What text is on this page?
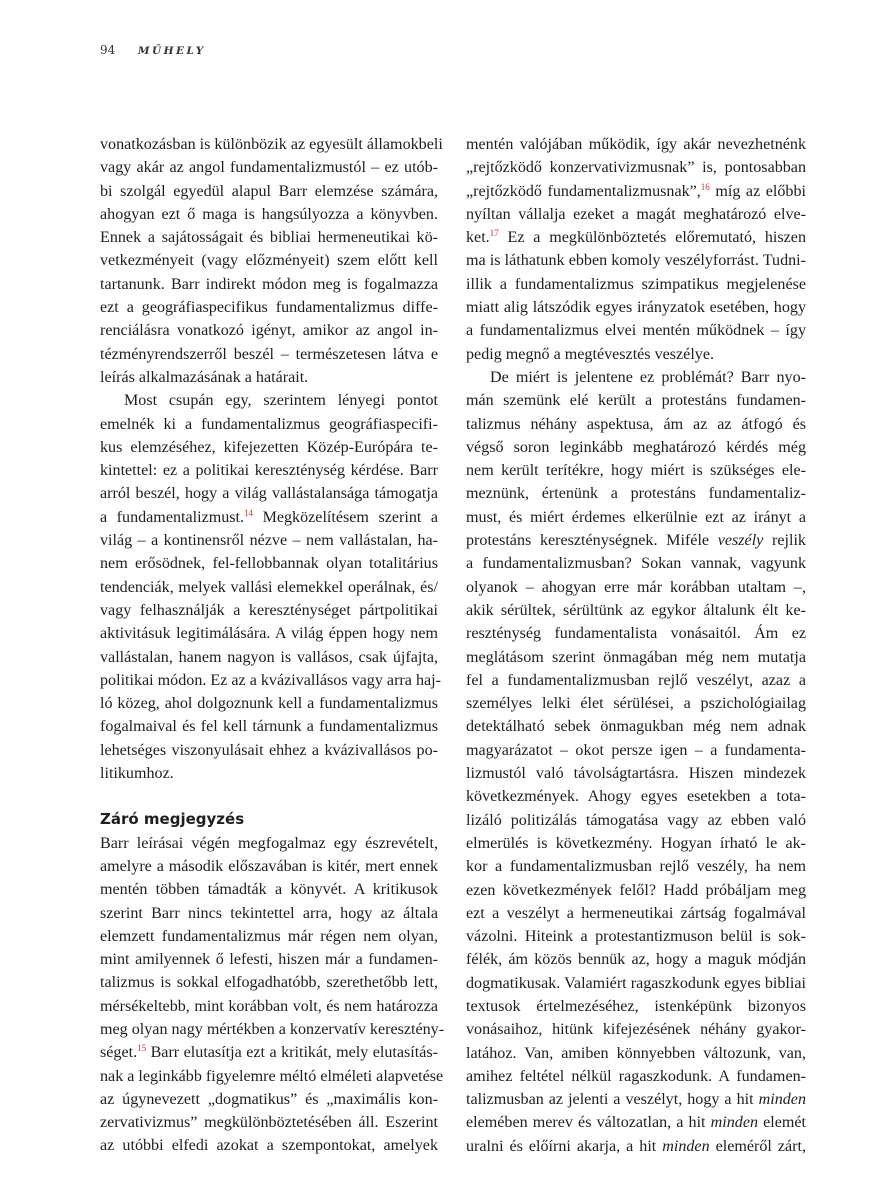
94 MŰHELY
vonatkozásban is különbözik az egyesült államokbeli
vagy akár az angol fundamentalizmustól – ez utób-
bi szolgál egyedül alapul Barr elemzése számára,
ahogyan ezt ő maga is hangsúlyozza a könyvben.
Ennek a sajátosságait és bibliai hermeneutikai kö-
vetkezményeit (vagy előzményeit) szem előtt kell
tartanunk. Barr indirekt módon meg is fogalmazza
ezt a geográfiaspecifikus fundamentalizmus diffe-
renciálásra vonatkozó igényt, amikor az angol in-
tézményrendszerről beszél – természetesen látva e
leírás alkalmazásának a határait.
Most csupán egy, szerintem lényegi pontot
emelnék ki a fundamentalizmus geográfiaspecifi-
kus elemzéséhez, kifejezetten Közép-Európára te-
kintettel: ez a politikai kereszténység kérdése. Barr
arról beszél, hogy a világ vallástalansága támogatja
a fundamentalizmust.$^{14}$ Megközelítésem szerint a
világ – a kontinensről nézve – nem vallástalan, ha-
nem erősödnek, fel-fellobbannak olyan totalitárius
tendenciák, melyek vallási elemekkel operálnak, és/
vagy felhasználják a kereszténységet pártpolitikai
aktivitásuk legitimálására. A világ éppen hogy nem
vallástalan, hanem nagyon is vallásos, csak újfajta,
politikai módon. Ez az a kvázivallásos vagy arra haj-
ló közeg, ahol dolgoznunk kell a fundamentalizmus
fogalmaival és fel kell tárnunk a fundamentalizmus
lehetséges viszonyulásait ehhez a kvázivallásos po-
litikumhoz.
Záró megjegyzés
Barr leírásai végén megfogalmaz egy észrevételt,
amelyre a második előszavában is kitér, mert ennek
mentén többen támadták a könyvét. A kritikusok
szerint Barr nincs tekintettel arra, hogy az általa
elemzett fundamentalizmus már régen nem olyan,
mint amilyennek ő lefesti, hiszen már a fundamen-
talizmus is sokkal elfogadhatóbb, szerethetőbb lett,
mérsékeltebb, mint korábban volt, és nem határozza
meg olyan nagy mértékben a konzervatív keresztény-
séget.$^{15}$ Barr elutasítja ezt a kritikát, mely elutasítás-
nak a leginkább figyelemre méltó elméleti alapvetése
az úgynevezett „dogmatikus” és „maximális kon-
zervativizmus” megkülönböztetésében áll. Eszerint
az utóbbi elfedi azokat a szempontokat, amelyek
mentén valójában működik, így akár nevezhetnénk
„rejtőzködő konzervativizmusnak” is, pontosabban
„rejtőzködő fundamentalizmusnak”,$^{16}$ míg az előbbi
nyíltan vállalja ezeket a magát meghatározó elve-
ket.$^{17}$ Ez a megkülönböztetés előremutató, hiszen
ma is láthatunk ebben komoly veszélyforrást. Tudni-
illik a fundamentalizmus szimpatikus megjelenése
miatt alig látszódik egyes irányzatok esetében, hogy
a fundamentalizmus elvei mentén működnek – így
pedig megnő a megtévesztés veszélye.
De miért is jelentene ez problémát? Barr nyo-
mán szemünk elé került a protestáns fundamen-
talizmus néhány aspektusa, ám az az átfogó és
végső soron leginkább meghatározó kérdés még
nem került terítékre, hogy miért is szükséges ele-
meznünk, értenünk a protestáns fundamentaliz-
must, és miért érdemes elkerülnie ezt az irányt a
protestáns kereszténységnek. Miféle veszély rejlik
a fundamentalizmusban? Sokan vannak, vagyunk
olyanok – ahogyan erre már korábban utaltam –,
akik sérültek, sérültünk az egykor általunk élt ke-
reszténység fundamentalista vonásaitól. Ám ez
meglátásom szerint önmagában még nem mutatja
fel a fundamentalizmusban rejlő veszélyt, azaz a
személyes lelki élet sérülései, a pszichológiailag
detektálható sebek önmagukban még nem adnak
magyarázatot – okot persze igen – a fundamenta-
lizmustól való távolságtartásra. Hiszen mindezek
következmények. Ahogy egyes esetekben a tota-
lizáló politizálás támogatása vagy az ebben való
elmerülés is következmény. Hogyan írható le ak-
kor a fundamentalizmusban rejlő veszély, ha nem
ezen következmények felől? Hadd próbáljam meg
ezt a veszélyt a hermeneutikai zártság fogalmával
vázolni. Hiteink a protestantizmuson belül is sok-
félék, ám közös bennük az, hogy a maguk módján
dogmatikusak. Valamiért ragaszkodunk egyes bibliai
textusok értelmezéséhez, istenképünk bizonyos
vonásaihoz, hitünk kifejezésének néhány gyakor-
latához. Van, amiben könnyebben változunk, van,
amihez feltétel nélkül ragaszkodunk. A fundamen-
talizmusban az jelenti a veszélyt, hogy a hit minden
elemében merev és változatlan, a hit minden elemét
uralni és előírni akarja, a hit minden eleméről zárt,
